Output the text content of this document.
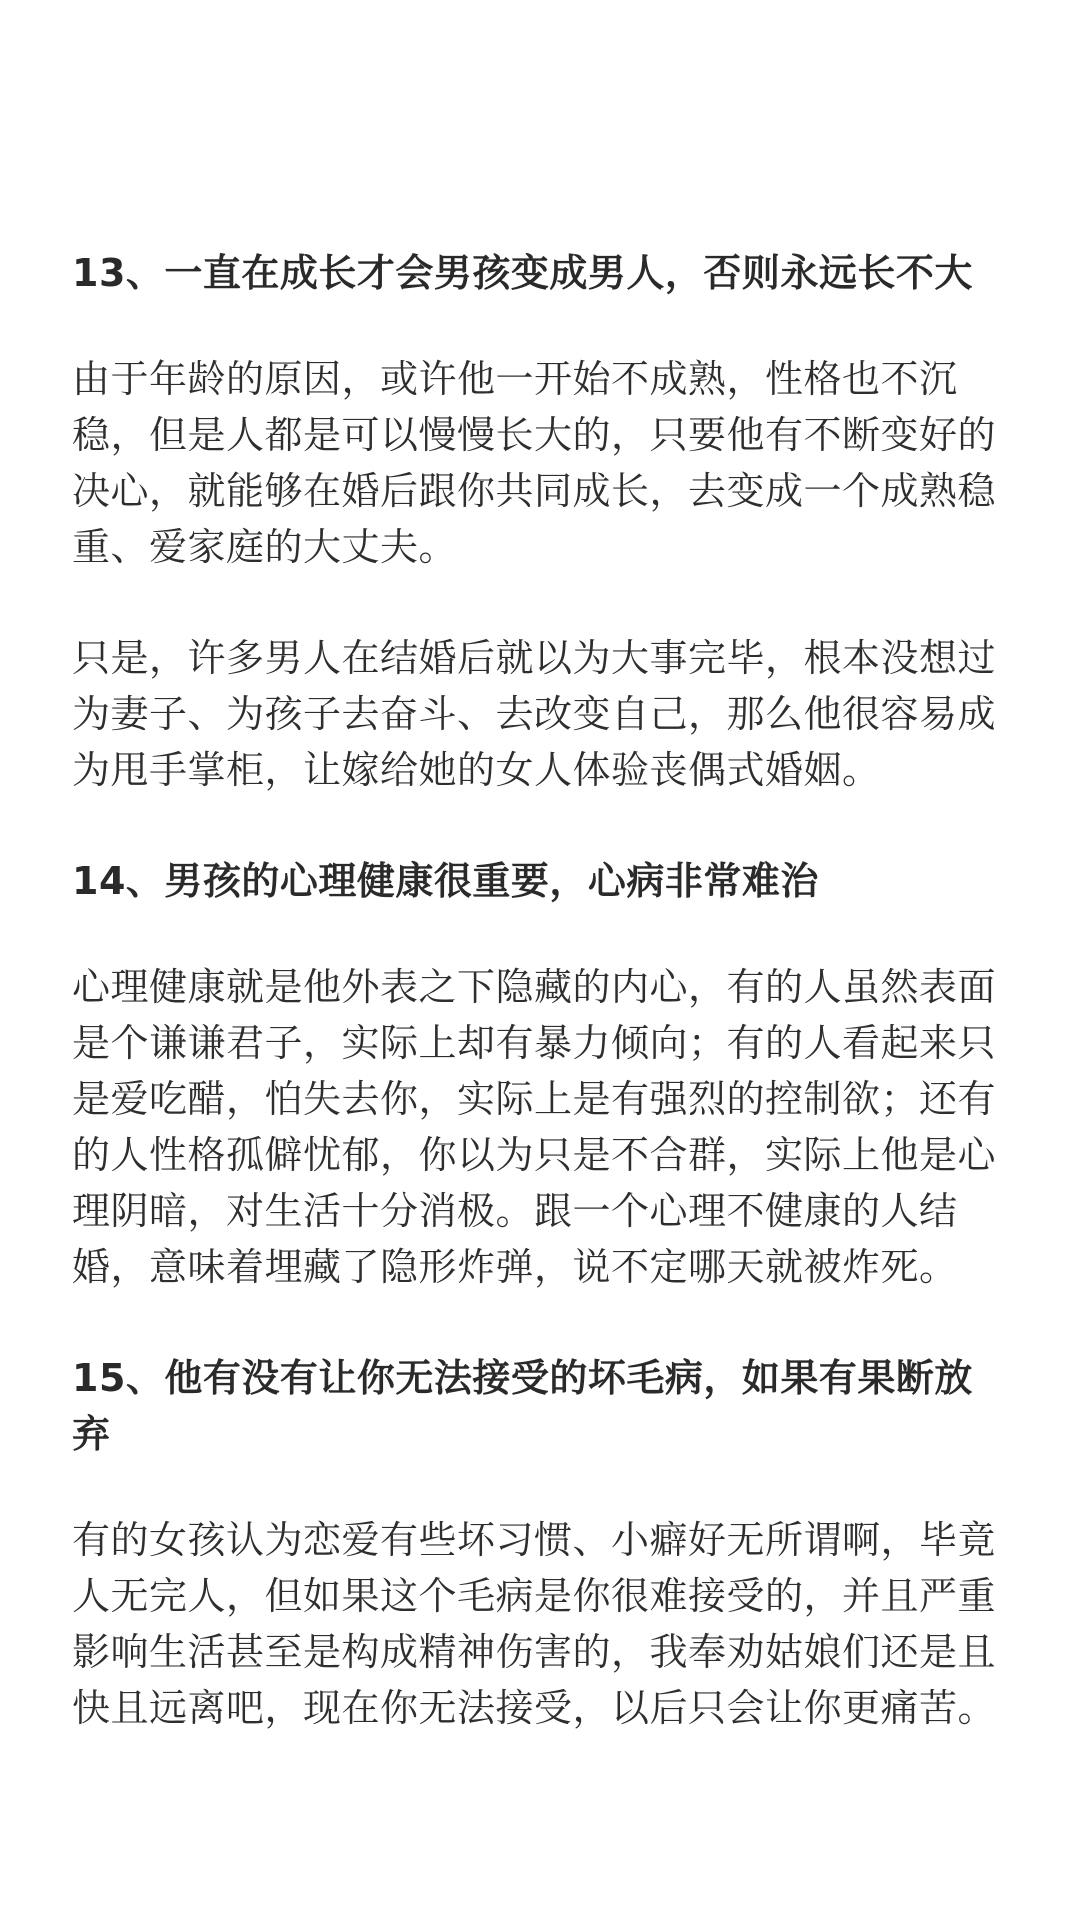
13、一直在成长才会男孩变成男人，否则永远长不大

由于年龄的原因，或许他一开始不成熟，性格也不沉稳，但是人都是可以慢慢长大的，只要他有不断变好的决心，就能够在婚后跟你共同成长，去变成一个成熟稳重、爱家庭的大丈夫。

只是，许多男人在结婚后就以为大事完毕，根本没想过为妻子、为孩子去奋斗、去改变自己，那么他很容易成为甩手掌柜，让嫁给她的女人体验丧偶式婚姻。

14、男孩的心理健康很重要，心病非常难治

心理健康就是他外表之下隐藏的内心，有的人虽然表面是个谦谦君子，实际上却有暴力倾向；有的人看起来只是爱吃醋，怕失去你，实际上是有强烈的控制欲；还有的人性格孤僻忧郁，你以为只是不合群，实际上他是心理阴暗，对生活十分消极。跟一个心理不健康的人结婚，意味着埋藏了隐形炸弹，说不定哪天就被炸死。

15、他有没有让你无法接受的坏毛病，如果有果断放弃

有的女孩认为恋爱有些坏习惯、小癖好无所谓啊，毕竟人无完人，但如果这个毛病是你很难接受的，并且严重影响生活甚至是构成精神伤害的，我奉劝姑娘们还是且快且远离吧，现在你无法接受，以后只会让你更痛苦。
